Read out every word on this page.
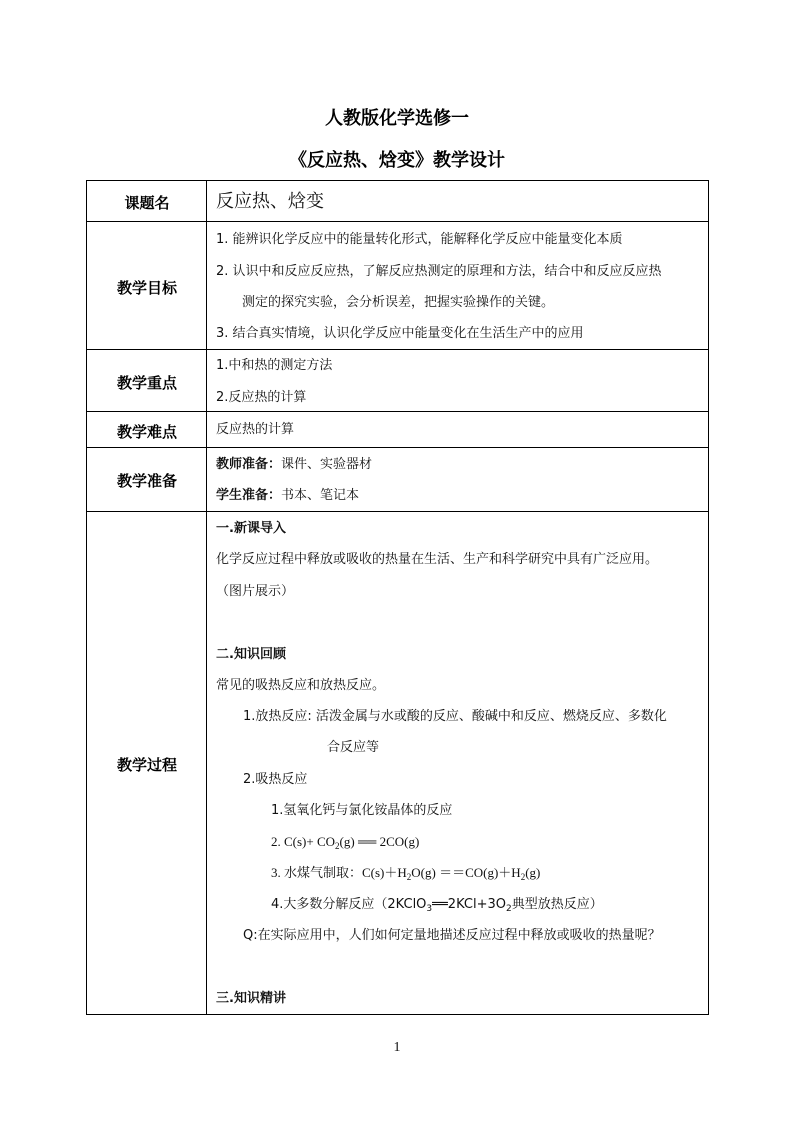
人教版化学选修一
《反应热、焓变》教学设计
课题名	反应热、焓变
教学目标
1. 能辨识化学反应中的能量转化形式，能解释化学反应中能量变化本质
2. 认识中和反应反应热，了解反应热测定的原理和方法，结合中和反应反应热
测定的探究实验，会分析误差，把握实验操作的关键。
3. 结合真实情境，认识化学反应中能量变化在生活生产中的应用
教学重点
1.中和热的测定方法
2.反应热的计算
教学难点	反应热的计算
教学准备
教师准备：课件、实验器材
学生准备：书本、笔记本
教学过程
一.新课导入
化学反应过程中释放或吸收的热量在生活、生产和科学研究中具有广泛应用。
（图片展示）
二.知识回顾
常见的吸热反应和放热反应。
1.放热反应: 活泼金属与水或酸的反应、酸碱中和反应、燃烧反应、多数化
合反应等
2.吸热反应
1.氢氧化钙与氯化铵晶体的反应
2. $C(s)+ CO_2(g)$ ══ 2CO(g)
3. 水煤气制取：$C(s)+H_2O(g) ==CO(g)+H_2(g)$
4.大多数分解反应（$2KClO_3══2KCl+3O_2$典型放热反应）
Q:在实际应用中，人们如何定量地描述反应过程中释放或吸收的热量呢？
三.知识精讲
1
